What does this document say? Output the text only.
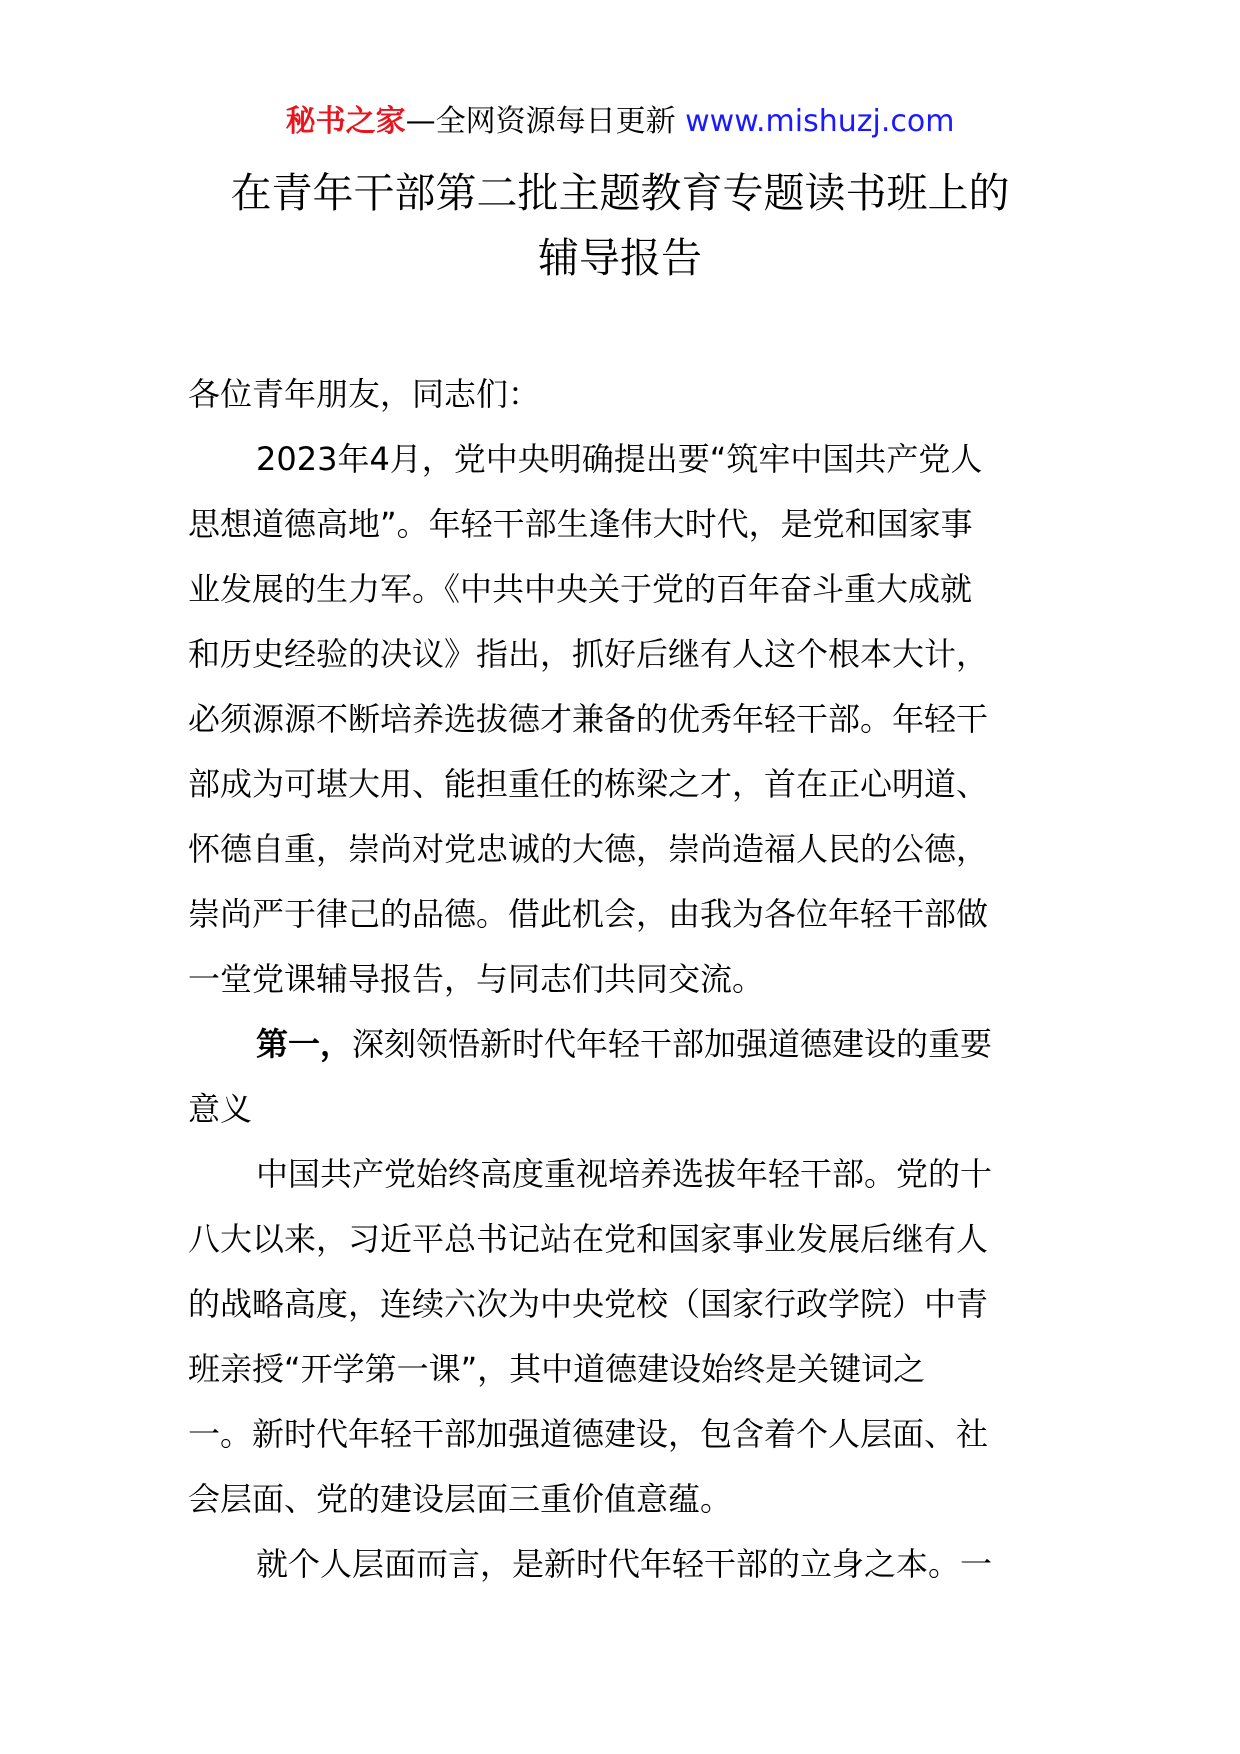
秘书之家—全网资源每日更新 www.mishuzj.com
在青年干部第二批主题教育专题读书班上的
辅导报告
各位青年朋友，同志们：
2023年4月，党中央明确提出要“筑牢中国共产党人
思想道德高地”。年轻干部生逢伟大时代，是党和国家事
业发展的生力军。《中共中央关于党的百年奋斗重大成就
和历史经验的决议》指出，抓好后继有人这个根本大计，
必须源源不断培养选拔德才兼备的优秀年轻干部。年轻干
部成为可堪大用、能担重任的栋梁之才，首在正心明道、
怀德自重，崇尚对党忠诚的大德，崇尚造福人民的公德，
崇尚严于律己的品德。借此机会，由我为各位年轻干部做
一堂党课辅导报告，与同志们共同交流。
第一，深刻领悟新时代年轻干部加强道德建设的重要
意义
中国共产党始终高度重视培养选拔年轻干部。党的十
八大以来，习近平总书记站在党和国家事业发展后继有人
的战略高度，连续六次为中央党校（国家行政学院）中青
班亲授“开学第一课”，其中道德建设始终是关键词之
一。新时代年轻干部加强道德建设，包含着个人层面、社
会层面、党的建设层面三重价值意蕴。
就个人层面而言，是新时代年轻干部的立身之本。一
